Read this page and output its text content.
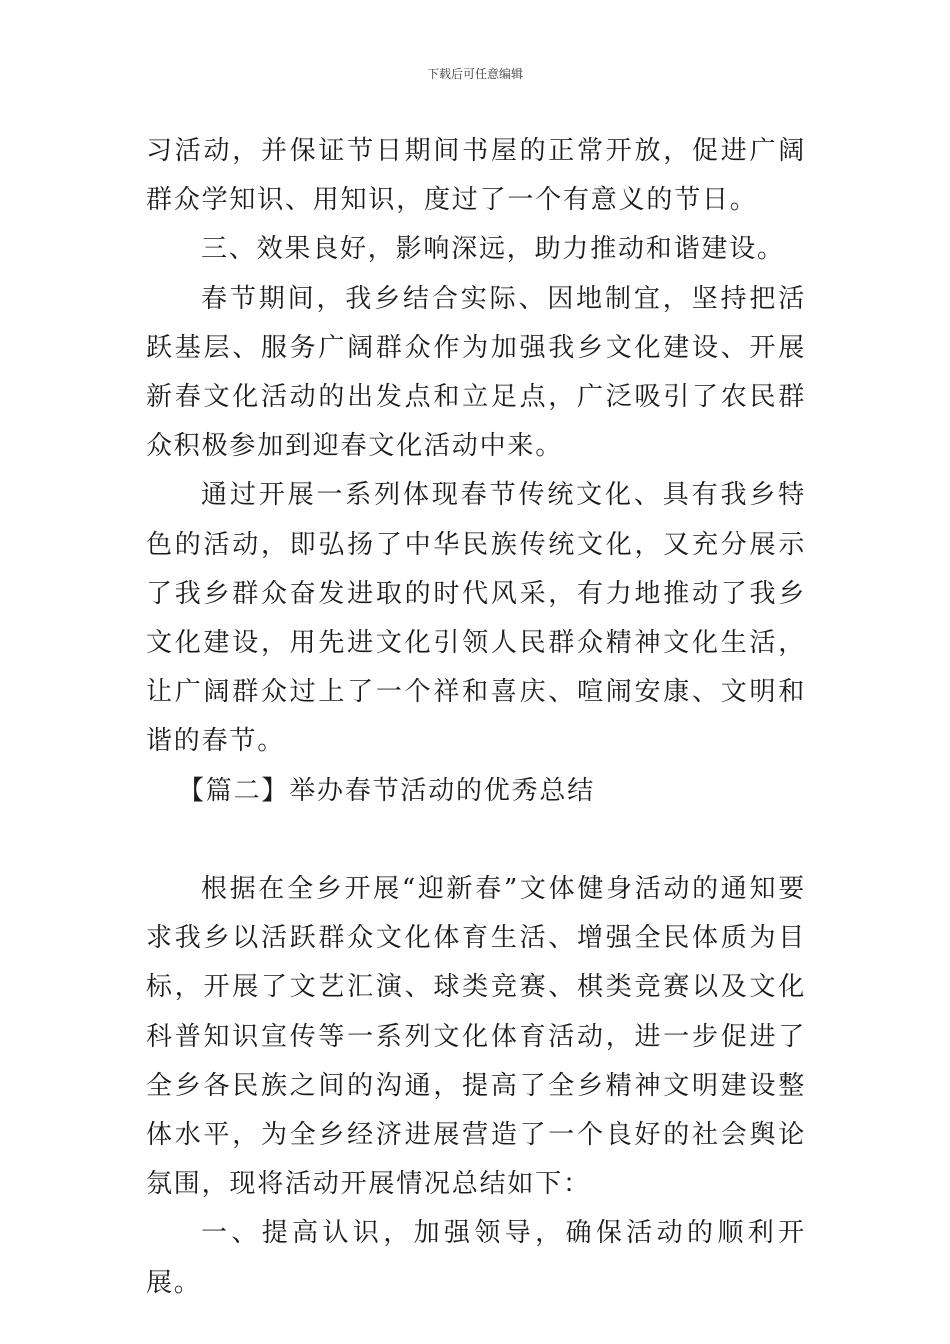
下载后可任意编辑

习活动，并保证节日期间书屋的正常开放，促进广阔群众学知识、用知识，度过了一个有意义的节日。

三、效果良好，影响深远，助力推动和谐建设。

春节期间，我乡结合实际、因地制宜，坚持把活跃基层、服务广阔群众作为加强我乡文化建设、开展新春文化活动的出发点和立足点，广泛吸引了农民群众积极参加到迎春文化活动中来。

通过开展一系列体现春节传统文化、具有我乡特色的活动，即弘扬了中华民族传统文化，又充分展示了我乡群众奋发进取的时代风采，有力地推动了我乡文化建设，用先进文化引领人民群众精神文化生活，让广阔群众过上了一个祥和喜庆、喧闹安康、文明和谐的春节。

【篇二】举办春节活动的优秀总结

根据在全乡开展“迎新春”文体健身活动的通知要求我乡以活跃群众文化体育生活、增强全民体质为目标，开展了文艺汇演、球类竞赛、棋类竞赛以及文化科普知识宣传等一系列文化体育活动，进一步促进了全乡各民族之间的沟通，提高了全乡精神文明建设整体水平，为全乡经济进展营造了一个良好的社会舆论氛围，现将活动开展情况总结如下：

一、提高认识，加强领导，确保活动的顺利开展。
